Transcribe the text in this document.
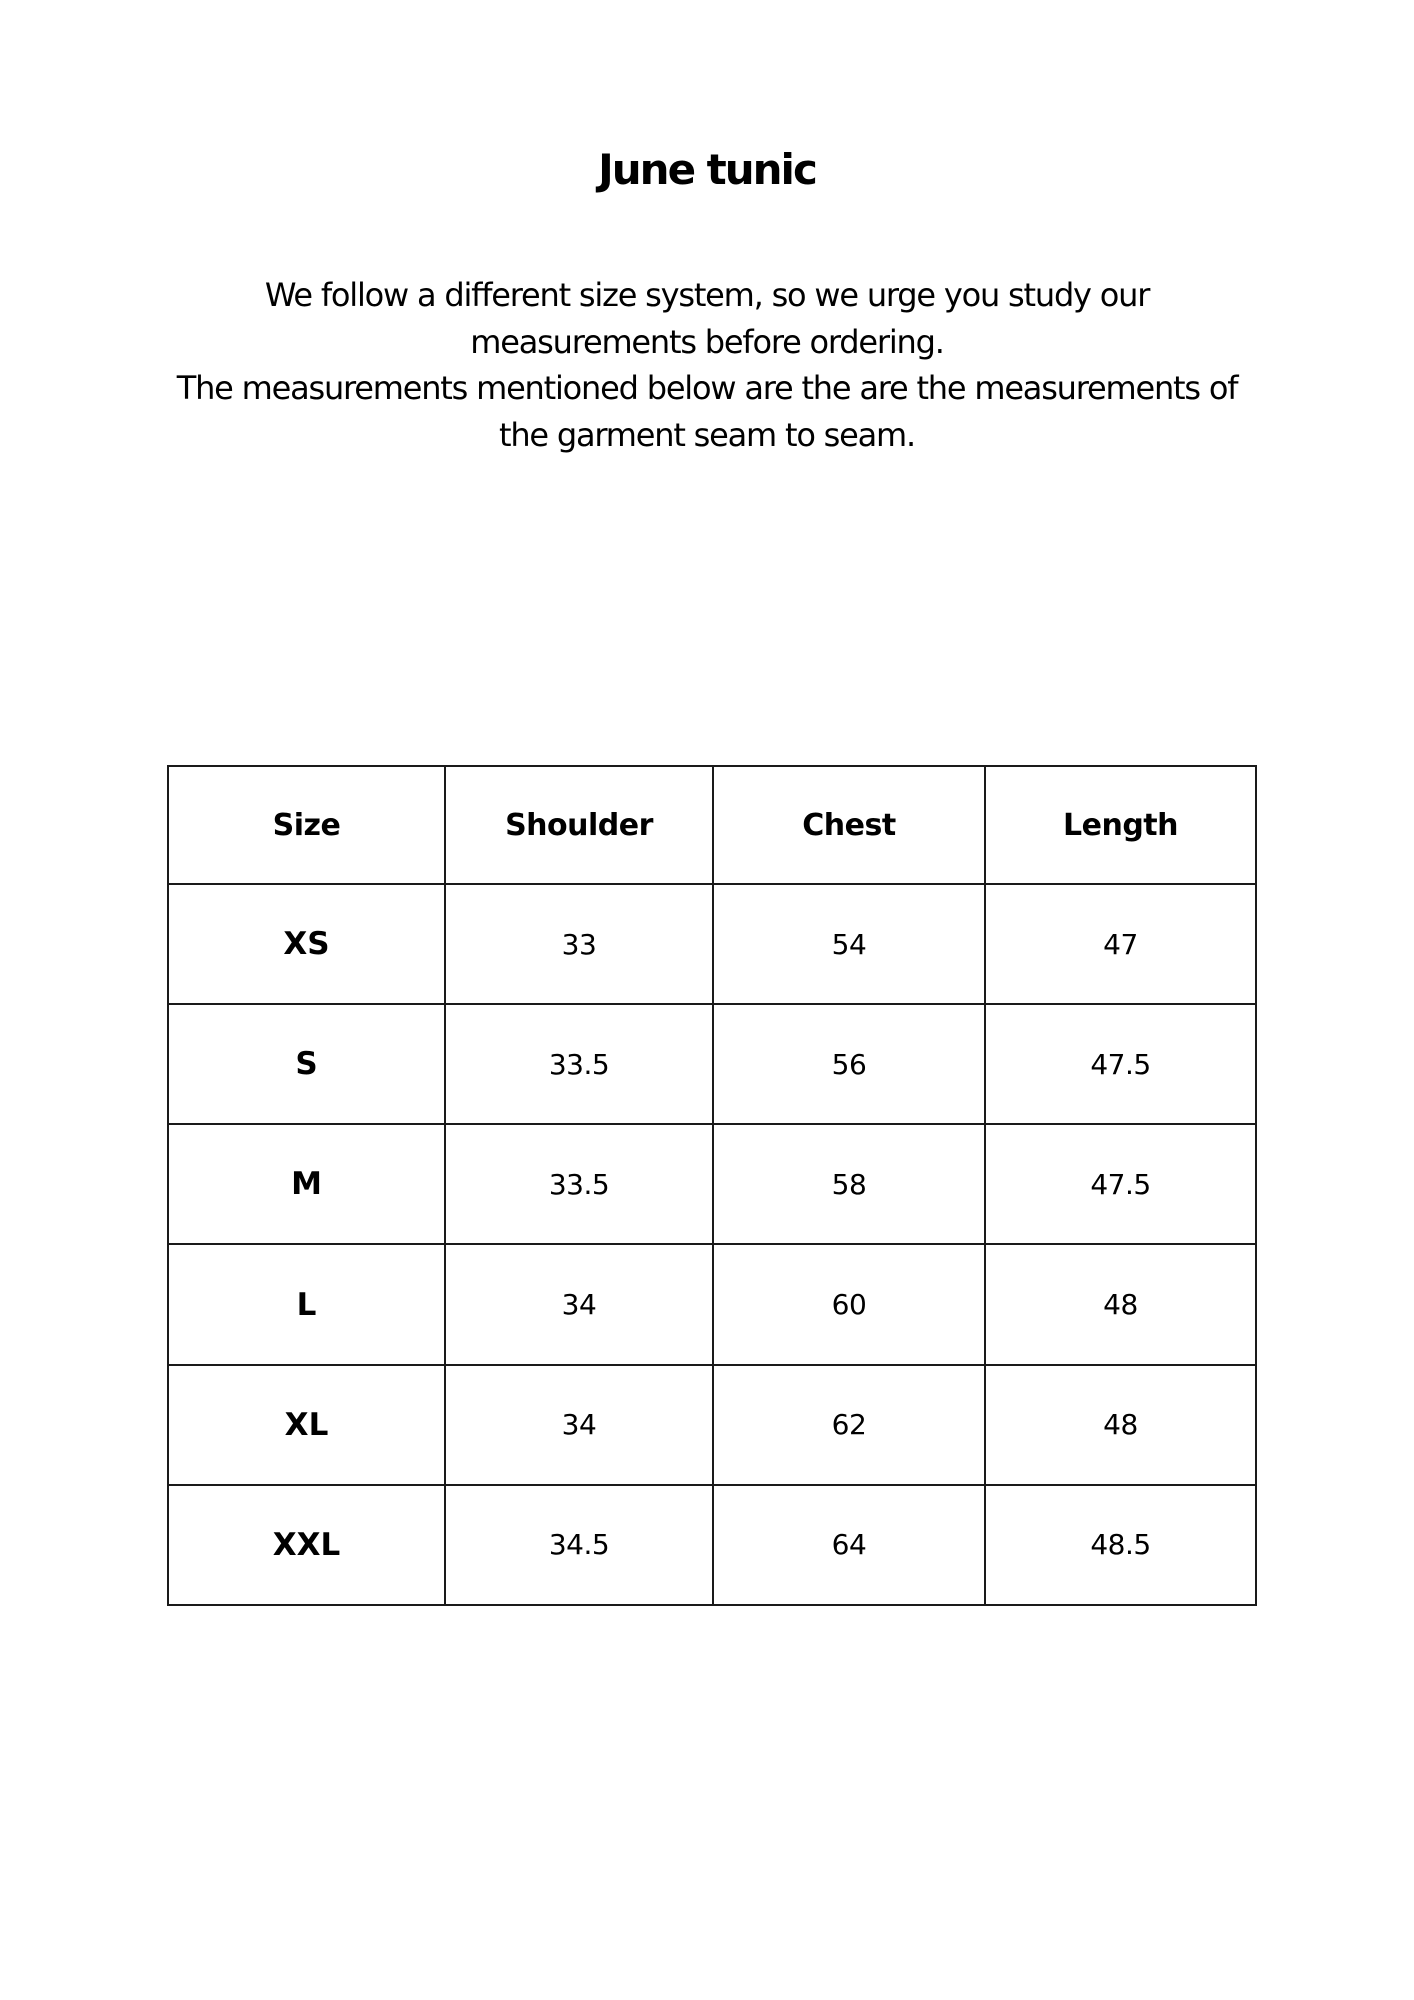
June tunic

We follow a different size system, so we urge you study our measurements before ordering.

The measurements mentioned below are the are the measurements of the garment seam to seam.

Size	Shoulder	Chest	Length
XS	33	54	47
S	33.5	56	47.5
M	33.5	58	47.5
L	34	60	48
XL	34	62	48
XXL	34.5	64	48.5
